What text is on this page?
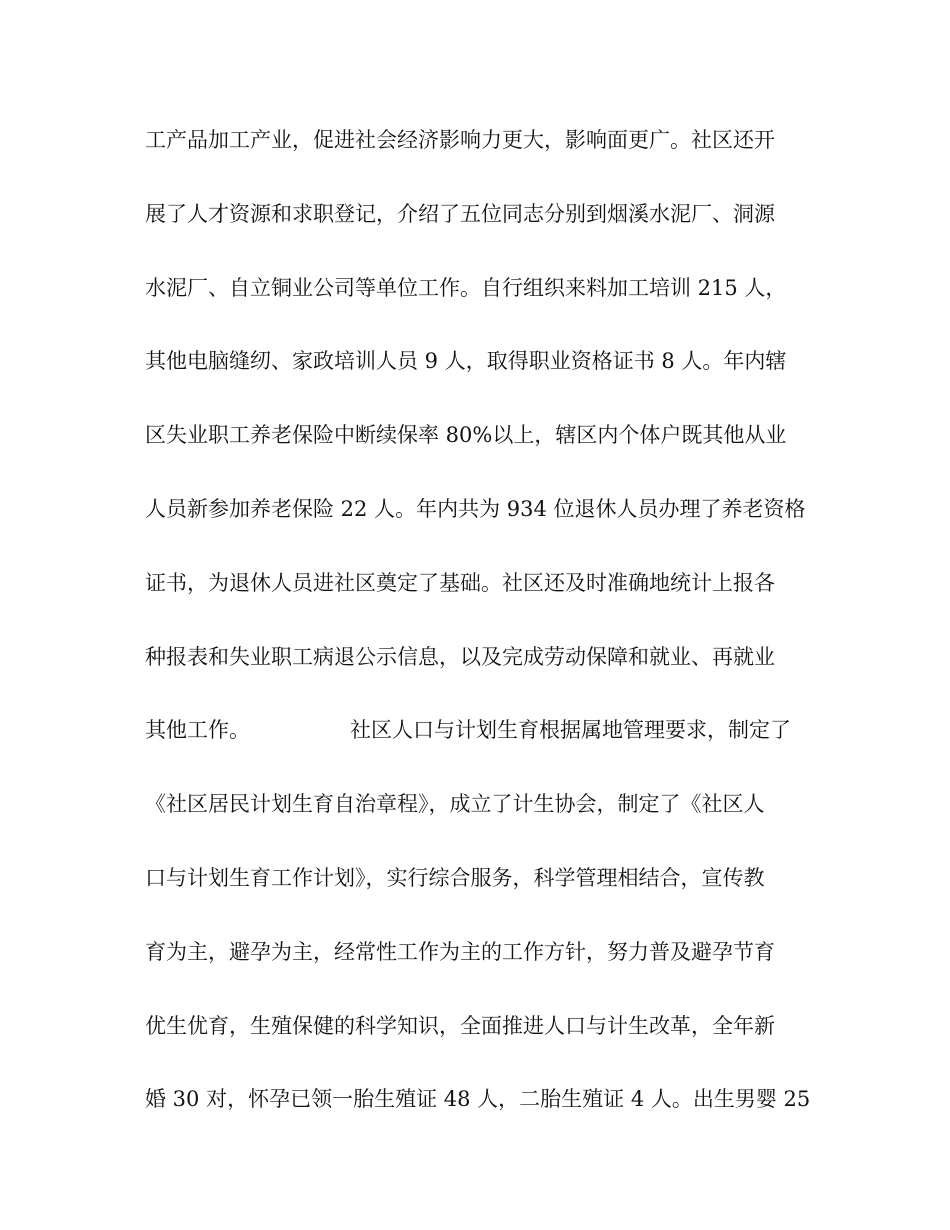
工产品加工产业，促进社会经济影响力更大，影响面更广。社区还开
展了人才资源和求职登记，介绍了五位同志分别到烟溪水泥厂、洞源
水泥厂、自立铜业公司等单位工作。自行组织来料加工培训 215 人，
其他电脑缝纫、家政培训人员 9 人，取得职业资格证书 8 人。年内辖
区失业职工养老保险中断续保率 80%以上，辖区内个体户既其他从业
人员新参加养老保险 22 人。年内共为 934 位退休人员办理了养老资格
证书，为退休人员进社区奠定了基础。社区还及时准确地统计上报各
种报表和失业职工病退公示信息，以及完成劳动保障和就业、再就业
其他工作。	社区人口与计划生育根据属地管理要求，制定了
《社区居民计划生育自治章程》，成立了计生协会，制定了《社区人
口与计划生育工作计划》，实行综合服务，科学管理相结合，宣传教
育为主，避孕为主，经常性工作为主的工作方针，努力普及避孕节育
优生优育，生殖保健的科学知识，全面推进人口与计生改革，全年新
婚 30 对，怀孕已领一胎生殖证 48 人，二胎生殖证 4 人。出生男婴 25
